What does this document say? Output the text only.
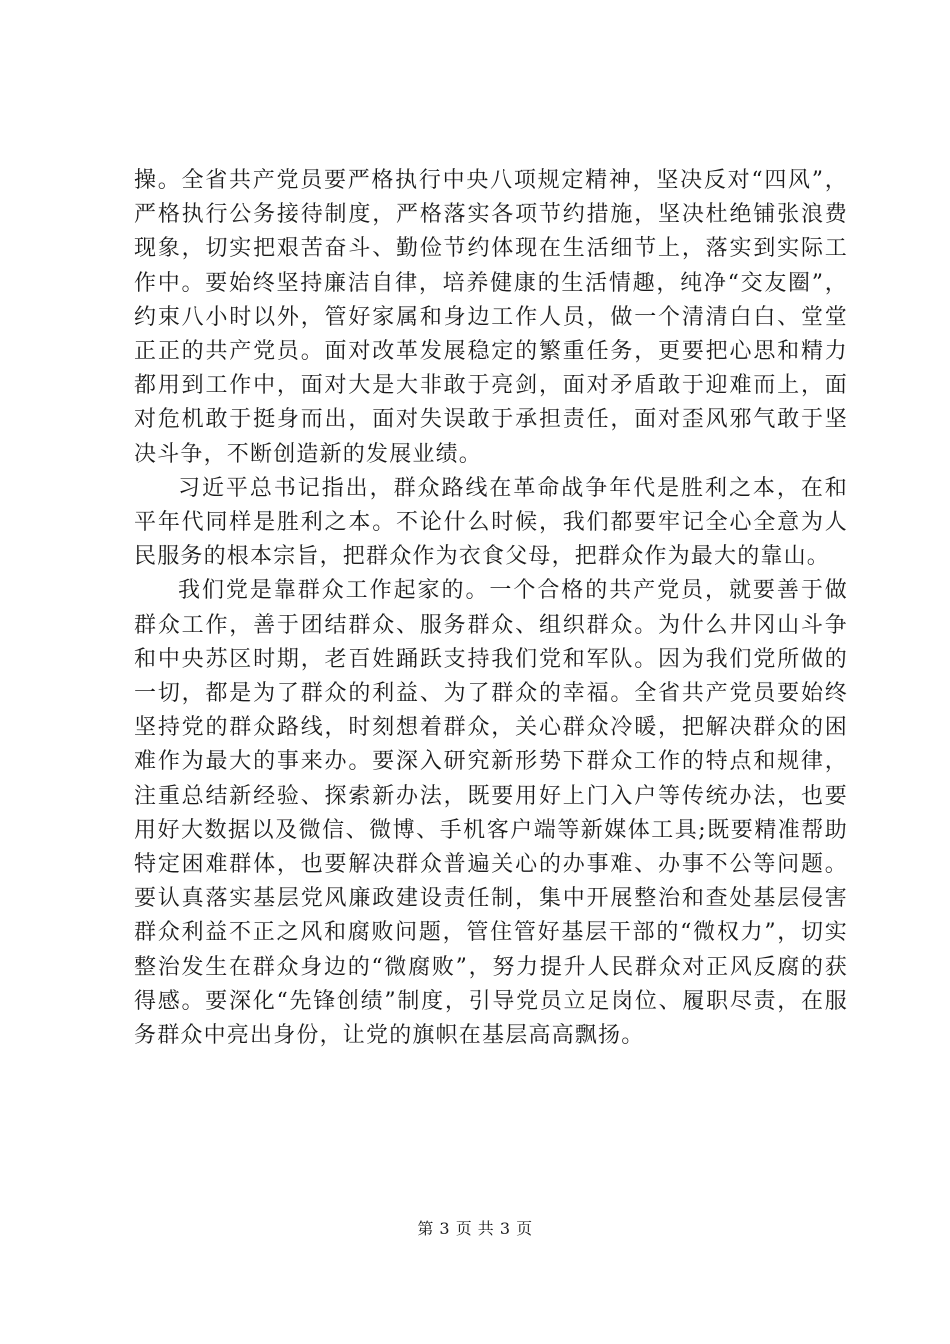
操。全省共产党员要严格执行中央八项规定精神，坚决反对“四风”，严格执行公务接待制度，严格落实各项节约措施，坚决杜绝铺张浪费现象，切实把艰苦奋斗、勤俭节约体现在生活细节上，落实到实际工作中。要始终坚持廉洁自律，培养健康的生活情趣，纯净“交友圈”，约束八小时以外，管好家属和身边工作人员，做一个清清白白、堂堂正正的共产党员。面对改革发展稳定的繁重任务，更要把心思和精力都用到工作中，面对大是大非敢于亮剑，面对矛盾敢于迎难而上，面对危机敢于挺身而出，面对失误敢于承担责任，面对歪风邪气敢于坚决斗争，不断创造新的发展业绩。

习近平总书记指出，群众路线在革命战争年代是胜利之本，在和平年代同样是胜利之本。不论什么时候，我们都要牢记全心全意为人民服务的根本宗旨，把群众作为衣食父母，把群众作为最大的靠山。

我们党是靠群众工作起家的。一个合格的共产党员，就要善于做群众工作，善于团结群众、服务群众、组织群众。为什么井冈山斗争和中央苏区时期，老百姓踊跃支持我们党和军队。因为我们党所做的一切，都是为了群众的利益、为了群众的幸福。全省共产党员要始终坚持党的群众路线，时刻想着群众，关心群众冷暖，把解决群众的困难作为最大的事来办。要深入研究新形势下群众工作的特点和规律，注重总结新经验、探索新办法，既要用好上门入户等传统办法，也要用好大数据以及微信、微博、手机客户端等新媒体工具;既要精准帮助特定困难群体，也要解决群众普遍关心的办事难、办事不公等问题。要认真落实基层党风廉政建设责任制，集中开展整治和查处基层侵害群众利益不正之风和腐败问题，管住管好基层干部的“微权力”，切实整治发生在群众身边的“微腐败”，努力提升人民群众对正风反腐的获得感。要深化“先锋创绩”制度，引导党员立足岗位、履职尽责，在服务群众中亮出身份，让党的旗帜在基层高高飘扬。

第 3 页 共 3 页
